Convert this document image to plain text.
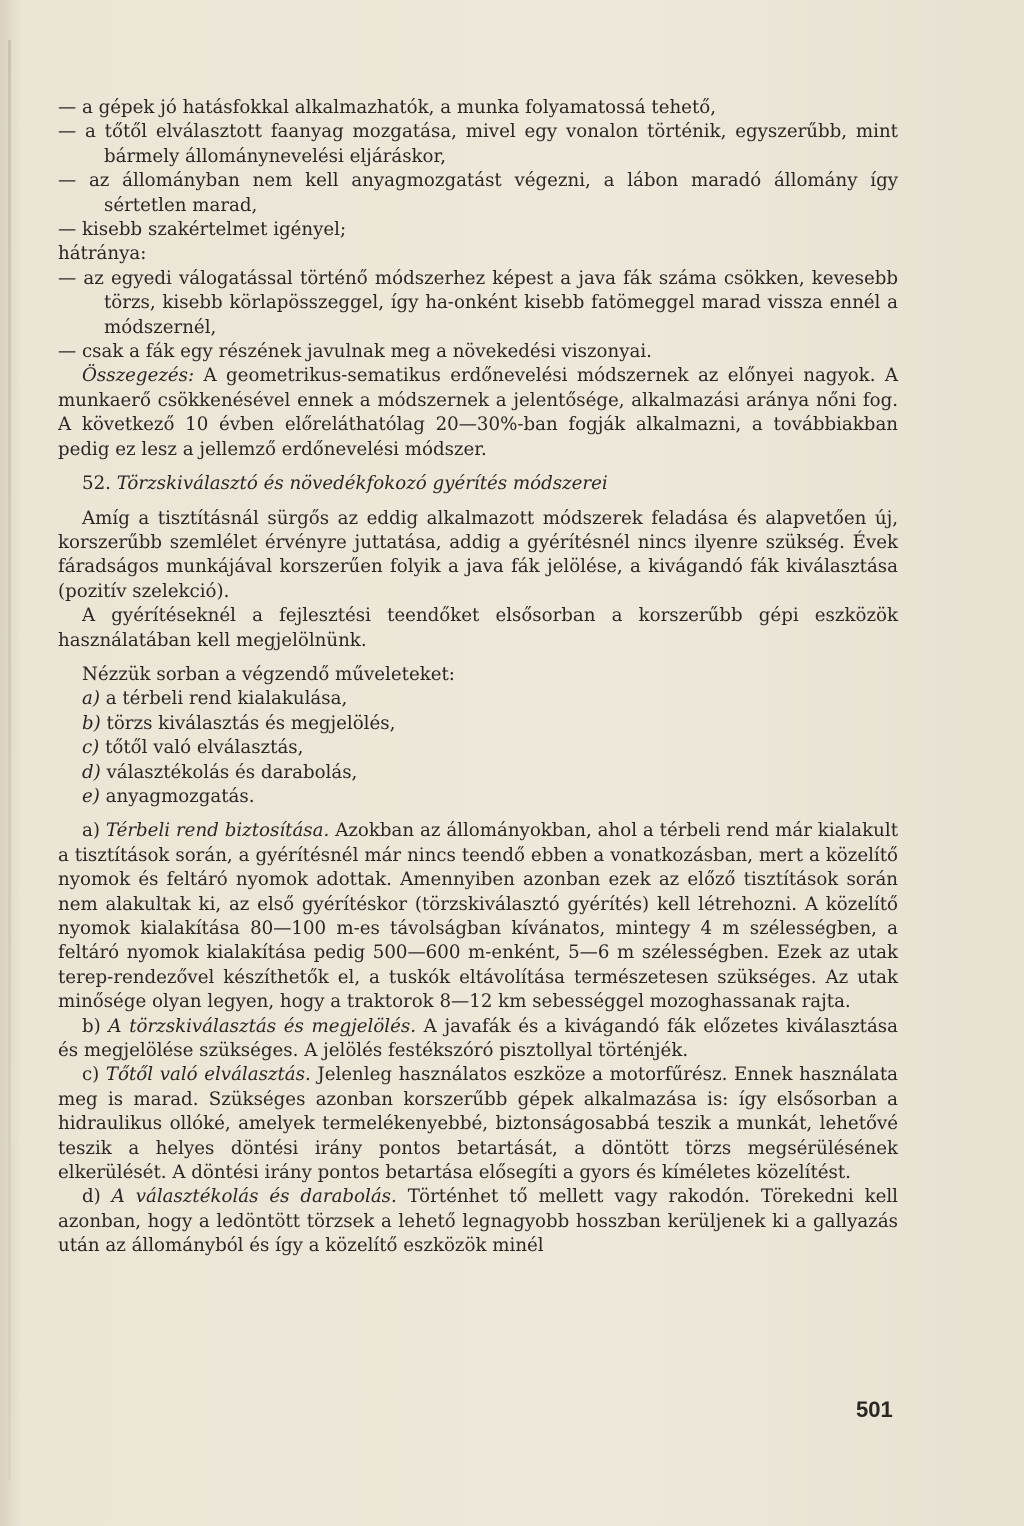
— a gépek jó hatásfokkal alkalmazhatók, a munka folyamatossá tehető,

— a tőtől elválasztott faanyag mozgatása, mivel egy vonalon történik, egyszerűbb, mint bármely állománynevelési eljáráskor,

— az állományban nem kell anyagmozgatást végezni, a lábon maradó állomány így sértetlen marad,

— kisebb szakértelmet igényel;

hátránya:

— az egyedi válogatással történő módszerhez képest a java fák száma csökken, kevesebb törzs, kisebb körlapösszeggel, így ha-onként kisebb fatömeggel marad vissza ennél a módszernél,

— csak a fák egy részének javulnak meg a növekedési viszonyai.

Összegezés: A geometrikus-sematikus erdőnevelési módszernek az előnyei nagyok. A munkaerő csökkenésével ennek a módszernek a jelentősége, alkalmazási aránya nőni fog. A következő 10 évben előreláthatólag 20—30%-ban fogják alkalmazni, a továbbiakban pedig ez lesz a jellemző erdőnevelési módszer.

52. Törzskiválasztó és növedékfokozó gyérítés módszerei

Amíg a tisztításnál sürgős az eddig alkalmazott módszerek feladása és alapvetően új, korszerűbb szemlélet érvényre juttatása, addig a gyérítésnél nincs ilyenre szükség. Évek fáradságos munkájával korszerűen folyik a java fák jelölése, a kivágandó fák kiválasztása (pozitív szelekció).

A gyérítéseknél a fejlesztési teendőket elsősorban a korszerűbb gépi eszközök használatában kell megjelölnünk.

Nézzük sorban a végzendő műveleteket:

a) a térbeli rend kialakulása,

b) törzs kiválasztás és megjelölés,

c) tőtől való elválasztás,

d) választékolás és darabolás,

e) anyagmozgatás.

a) Térbeli rend biztosítása. Azokban az állományokban, ahol a térbeli rend már kialakult a tisztítások során, a gyérítésnél már nincs teendő ebben a vonatkozásban, mert a közelítő nyomok és feltáró nyomok adottak. Amennyiben azonban ezek az előző tisztítások során nem alakultak ki, az első gyérítéskor (törzskiválasztó gyérítés) kell létrehozni. A közelítő nyomok kialakítása 80—100 m-es távolságban kívánatos, mintegy 4 m szélességben, a feltáró nyomok kialakítása pedig 500—600 m-enként, 5—6 m szélességben. Ezek az utak terep-rendezővel készíthetők el, a tuskók eltávolítása természetesen szükséges. Az utak minősége olyan legyen, hogy a traktorok 8—12 km sebességgel mozoghassanak rajta.

b) A törzskiválasztás és megjelölés. A javafák és a kivágandó fák előzetes kiválasztása és megjelölése szükséges. A jelölés festékszóró pisztollyal történjék.

c) Tőtől való elválasztás. Jelenleg használatos eszköze a motorfűrész. Ennek használata meg is marad. Szükséges azonban korszerűbb gépek alkalmazása is: így elsősorban a hidraulikus ollóké, amelyek termelékenyebbé, biztonságosabbá teszik a munkát, lehetővé teszik a helyes döntési irány pontos betartását, a döntött törzs megsérülésének elkerülését. A döntési irány pontos betartása elősegíti a gyors és kíméletes közelítést.

d) A választékolás és darabolás. Történhet tő mellett vagy rakodón. Törekedni kell azonban, hogy a ledöntött törzsek a lehető legnagyobb hosszban kerüljenek ki a gallyazás után az állományból és így a közelítő eszközök minél

501
